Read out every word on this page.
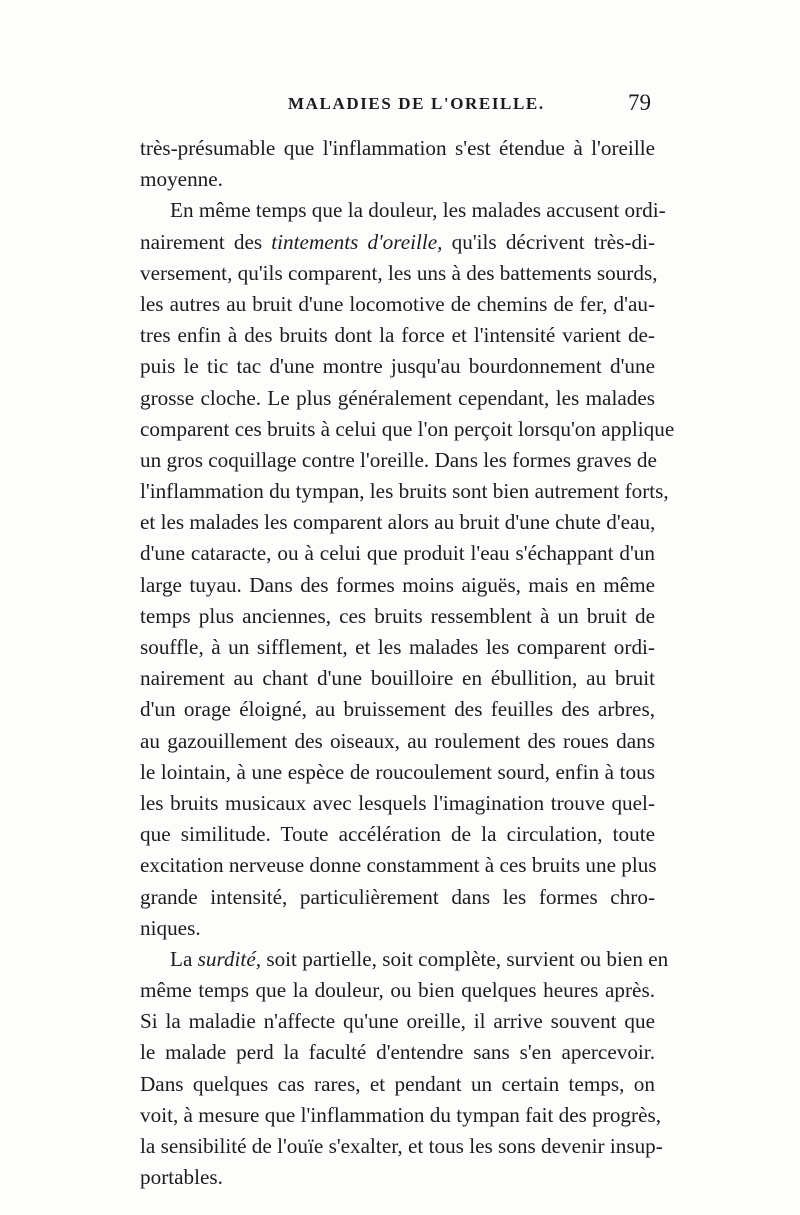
MALADIES DE L'OREILLE.	79
très-présumable que l'inflammation s'est étendue à l'oreille
moyenne.
En même temps que la douleur, les malades accusent ordi-
nairement des tintements d'oreille, qu'ils décrivent très-di-
versement, qu'ils comparent, les uns à des battements sourds,
les autres au bruit d'une locomotive de chemins de fer, d'au-
tres enfin à des bruits dont la force et l'intensité varient de-
puis le tic tac d'une montre jusqu'au bourdonnement d'une
grosse cloche. Le plus généralement cependant, les malades
comparent ces bruits à celui que l'on perçoit lorsqu'on applique
un gros coquillage contre l'oreille. Dans les formes graves de
l'inflammation du tympan, les bruits sont bien autrement forts,
et les malades les comparent alors au bruit d'une chute d'eau,
d'une cataracte, ou à celui que produit l'eau s'échappant d'un
large tuyau. Dans des formes moins aiguës, mais en même
temps plus anciennes, ces bruits ressemblent à un bruit de
souffle, à un sifflement, et les malades les comparent ordi-
nairement au chant d'une bouilloire en ébullition, au bruit
d'un orage éloigné, au bruissement des feuilles des arbres,
au gazouillement des oiseaux, au roulement des roues dans
le lointain, à une espèce de roucoulement sourd, enfin à tous
les bruits musicaux avec lesquels l'imagination trouve quel-
que similitude. Toute accélération de la circulation, toute
excitation nerveuse donne constamment à ces bruits une plus
grande intensité, particulièrement dans les formes chro-
niques.
La surdité, soit partielle, soit complète, survient ou bien en
même temps que la douleur, ou bien quelques heures après.
Si la maladie n'affecte qu'une oreille, il arrive souvent que
le malade perd la faculté d'entendre sans s'en apercevoir.
Dans quelques cas rares, et pendant un certain temps, on
voit, à mesure que l'inflammation du tympan fait des progrès,
la sensibilité de l'ouïe s'exalter, et tous les sons devenir insup-
portables.
